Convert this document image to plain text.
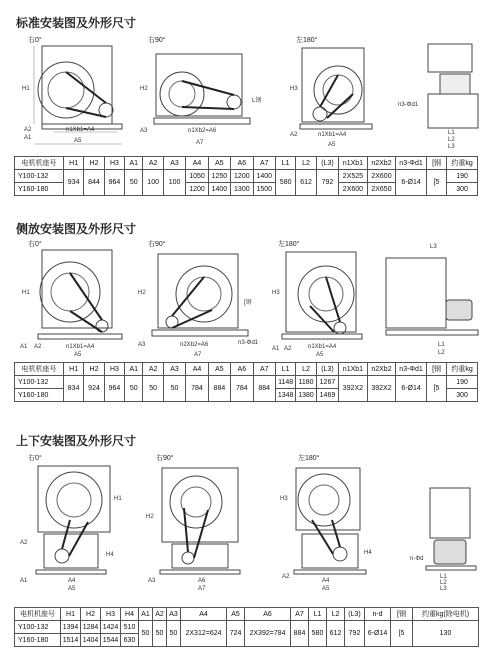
标准安装图及外形尺寸
右0°
H1
A2
A1
n1Xb1=A4
A5
右90°
H2
A3	n1Xb2=A6
A7
L钢
左180°
H3
A2	n1Xb1=A4
A5
n3-Φd1
L1
L2
L3
电机机座号	H1	H2	H3	A1	A2	A3	A4	A5	A6	A7	L1	L2	(L3)	n1Xb1	n2Xb2	n3-Φd1	[钢	约重kg
Y100-132	934	844	964	50	100	100	1050	1250	1200	1400	580	612	792	2X525	2X600	6-Ø14	[5	190
Y160-180							1200	1400	1300	1500				2X600	2X650			300
侧放安装图及外形尺寸
右0°
H1
A1 A2	n1Xb1=A4
A5
右90°
H2
A3	n2Xb2=A6
A7
n3-Φd1
[钢
左180°
H3
A1 A2	n1Xb1=A4
A5
L3
L1
L2
电机机座号	H1	H2	H3	A1	A2	A3	A4	A5	A6	A7	L1	L2	(L3)	n1Xb1	n2Xb2	n3-Φd1	[钢	约重kg
Y100-132	834	924	964	50	50	50	784	884	784	884	1148	1180	1267	392X2	392X2	6-Ø14	[5	190
Y160-180											1348	1380	1469					300
上下安装图及外形尺寸
右0°
H1
H4
A2
A1	A4
A5
右90°
H2
A3	A6
A7
左180°
H3
H4
A2
A4
A5
n-Φd
L1
L2
L3
电机机座号	H1	H2	H3	H4	A1	A2	A3	A4	A5	A6	A7	L1	L2	(L3)	n-d	[钢	约重kg(除电机)
Y100-132	1394	1284	1424	510	50	50	50	2X312=624	724	2X392=784	884	580	612	792	6-Ø14	[5	130
Y160-180	1514	1404	1544	630													
